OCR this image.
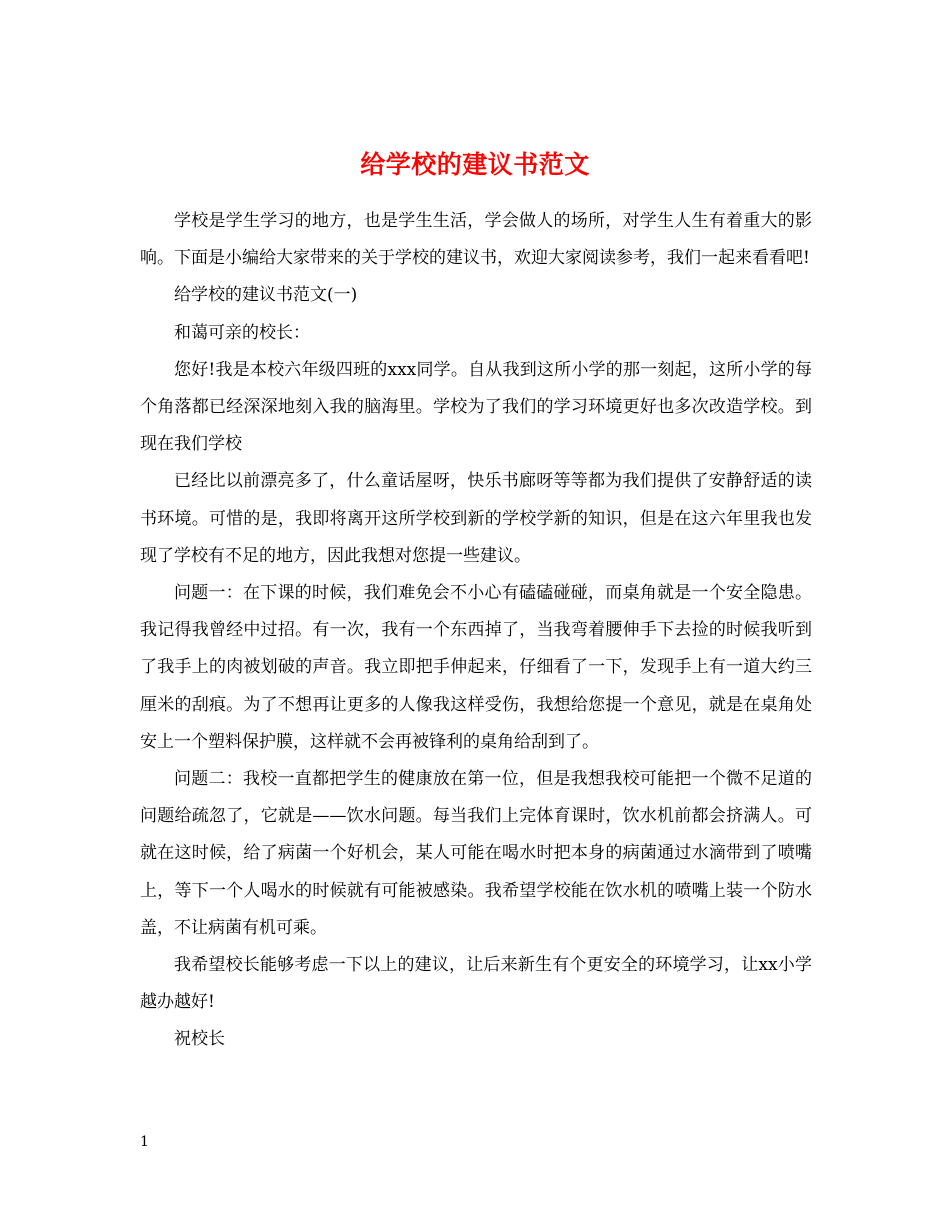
给学校的建议书范文

学校是学生学习的地方，也是学生生活，学会做人的场所，对学生人生有着重大的影响。下面是小编给大家带来的关于学校的建议书，欢迎大家阅读参考，我们一起来看看吧!

给学校的建议书范文(一)

和蔼可亲的校长：

您好!我是本校六年级四班的xxx同学。自从我到这所小学的那一刻起，这所小学的每个角落都已经深深地刻入我的脑海里。学校为了我们的学习环境更好也多次改造学校。到现在我们学校

已经比以前漂亮多了，什么童话屋呀，快乐书廊呀等等都为我们提供了安静舒适的读书环境。可惜的是，我即将离开这所学校到新的学校学新的知识，但是在这六年里我也发现了学校有不足的地方，因此我想对您提一些建议。

问题一：在下课的时候，我们难免会不小心有磕磕碰碰，而桌角就是一个安全隐患。我记得我曾经中过招。有一次，我有一个东西掉了，当我弯着腰伸手下去捡的时候我听到了我手上的肉被划破的声音。我立即把手伸起来，仔细看了一下，发现手上有一道大约三厘米的刮痕。为了不想再让更多的人像我这样受伤，我想给您提一个意见，就是在桌角处安上一个塑料保护膜，这样就不会再被锋利的桌角给刮到了。

问题二：我校一直都把学生的健康放在第一位，但是我想我校可能把一个微不足道的问题给疏忽了，它就是——饮水问题。每当我们上完体育课时，饮水机前都会挤满人。可就在这时候，给了病菌一个好机会，某人可能在喝水时把本身的病菌通过水滴带到了喷嘴上，等下一个人喝水的时候就有可能被感染。我希望学校能在饮水机的喷嘴上装一个防水盖，不让病菌有机可乘。

我希望校长能够考虑一下以上的建议，让后来新生有个更安全的环境学习，让xx小学越办越好!

祝校长

1
